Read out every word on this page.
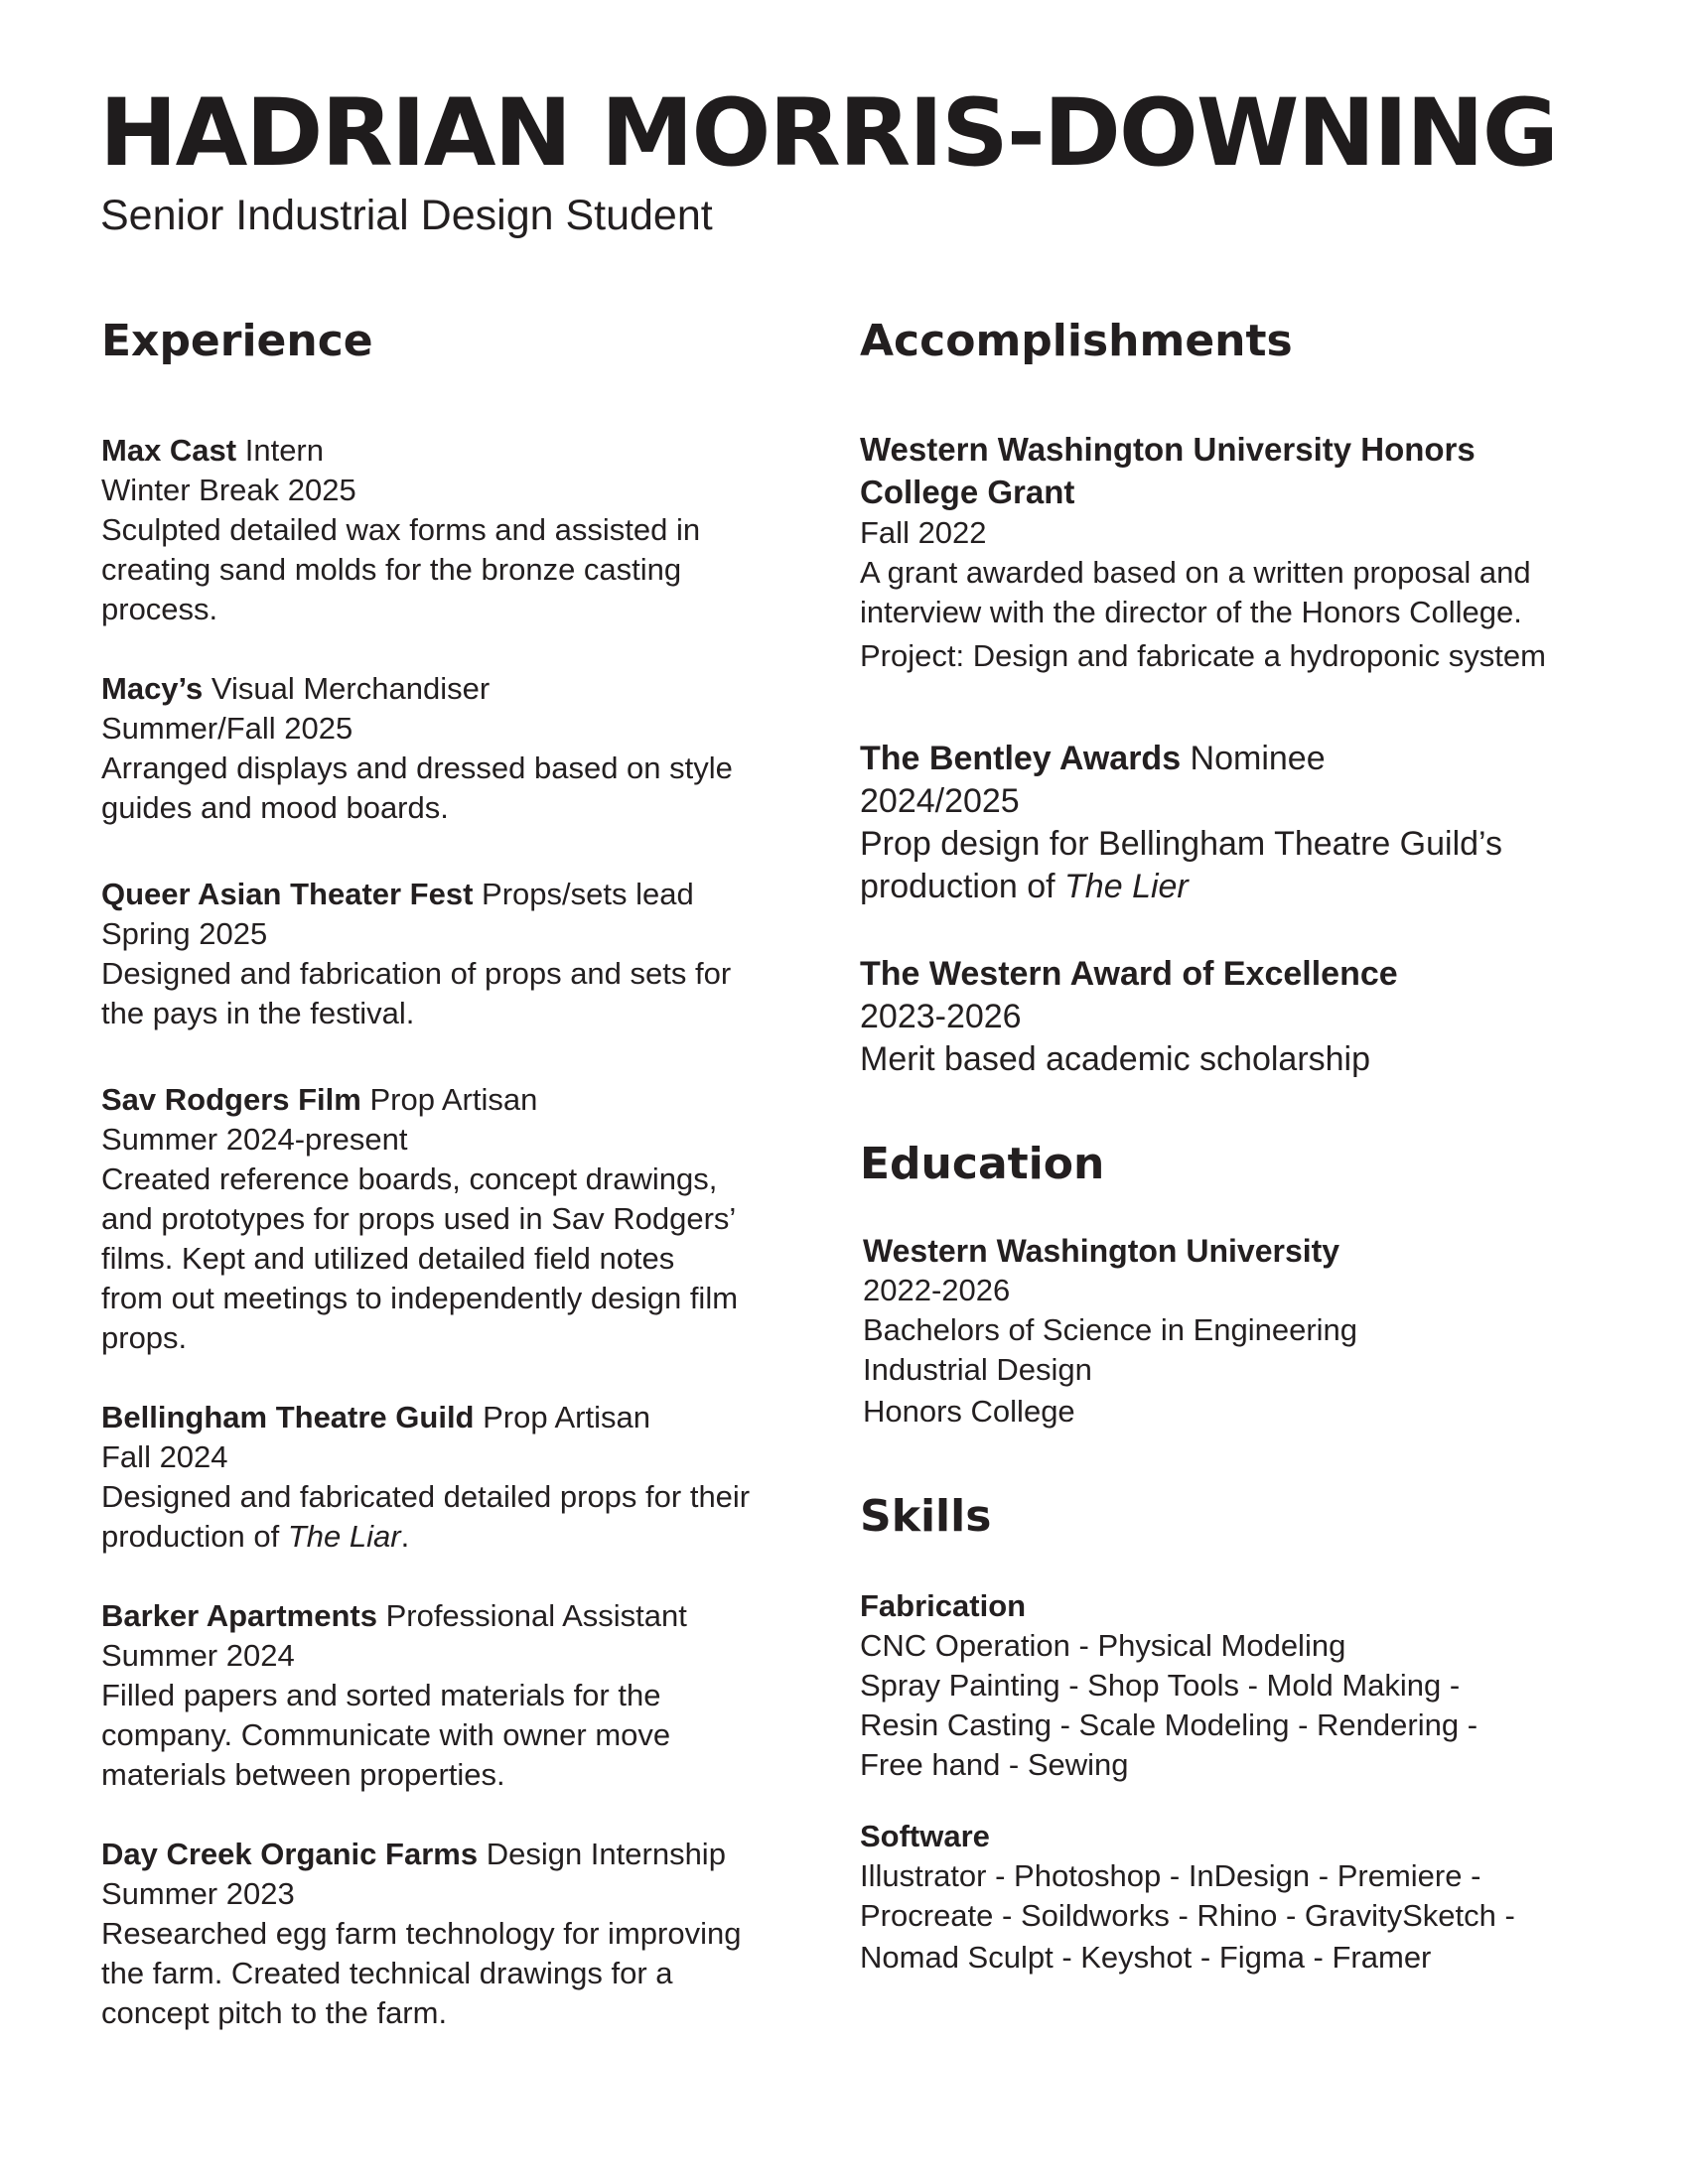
HADRIAN MORRIS-DOWNING
Senior Industrial Design Student
Experience
Max Cast Intern
Winter Break 2025
Sculpted detailed wax forms and assisted in
creating sand molds for the bronze casting
process.
Macy’s Visual Merchandiser
Summer/Fall 2025
Arranged displays and dressed based on style
guides and mood boards.
Queer Asian Theater Fest Props/sets lead
Spring 2025
Designed and fabrication of props and sets for
the pays in the festival.
Sav Rodgers Film Prop Artisan
Summer 2024-present
Created reference boards, concept drawings,
and prototypes for props used in Sav Rodgers’
films. Kept and utilized detailed field notes
from out meetings to independently design film
props.
Bellingham Theatre Guild Prop Artisan
Fall 2024
Designed and fabricated detailed props for their
production of The Liar.
Barker Apartments Professional Assistant
Summer 2024
Filled papers and sorted materials for the
company. Communicate with owner move
materials between properties.
Day Creek Organic Farms Design Internship
Summer 2023
Researched egg farm technology for improving
the farm. Created technical drawings for a
concept pitch to the farm.
Accomplishments
Western Washington University Honors
College Grant
Fall 2022
A grant awarded based on a written proposal and
interview with the director of the Honors College.
Project: Design and fabricate a hydroponic system
The Bentley Awards Nominee
2024/2025
Prop design for Bellingham Theatre Guild’s
production of The Lier
The Western Award of Excellence
2023-2026
Merit based academic scholarship
Education
Western Washington University
2022-2026
Bachelors of Science in Engineering
Industrial Design
Honors College
Skills
Fabrication
CNC Operation - Physical Modeling
Spray Painting - Shop Tools - Mold Making -
Resin Casting - Scale Modeling - Rendering -
Free hand - Sewing
Software
Illustrator - Photoshop - InDesign - Premiere -
Procreate - Soildworks - Rhino - GravitySketch -
Nomad Sculpt - Keyshot - Figma - Framer
